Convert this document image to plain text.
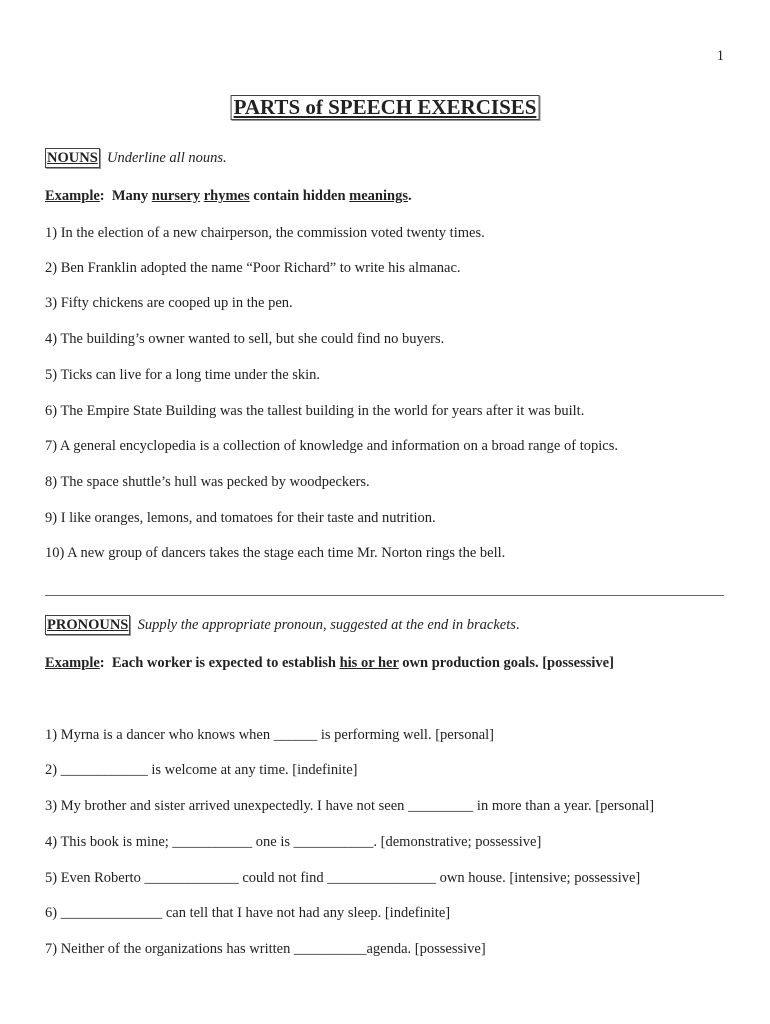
1
PARTS of SPEECH EXERCISES
NOUNS Underline all nouns.
Example: Many nursery rhymes contain hidden meanings.
1) In the election of a new chairperson, the commission voted twenty times.
2) Ben Franklin adopted the name “Poor Richard” to write his almanac.
3) Fifty chickens are cooped up in the pen.
4) The building’s owner wanted to sell, but she could find no buyers.
5) Ticks can live for a long time under the skin.
6) The Empire State Building was the tallest building in the world for years after it was built.
7) A general encyclopedia is a collection of knowledge and information on a broad range of topics.
8) The space shuttle’s hull was pecked by woodpeckers.
9) I like oranges, lemons, and tomatoes for their taste and nutrition.
10) A new group of dancers takes the stage each time Mr. Norton rings the bell.
PRONOUNS Supply the appropriate pronoun, suggested at the end in brackets.
Example: Each worker is expected to establish his or her own production goals. [possessive]
1) Myrna is a dancer who knows when ______ is performing well. [personal]
2) ____________ is welcome at any time. [indefinite]
3) My brother and sister arrived unexpectedly. I have not seen _________ in more than a year. [personal]
4) This book is mine; ___________ one is ___________. [demonstrative; possessive]
5) Even Roberto _____________ could not find _______________ own house. [intensive; possessive]
6) ______________ can tell that I have not had any sleep. [indefinite]
7) Neither of the organizations has written __________agenda. [possessive]
